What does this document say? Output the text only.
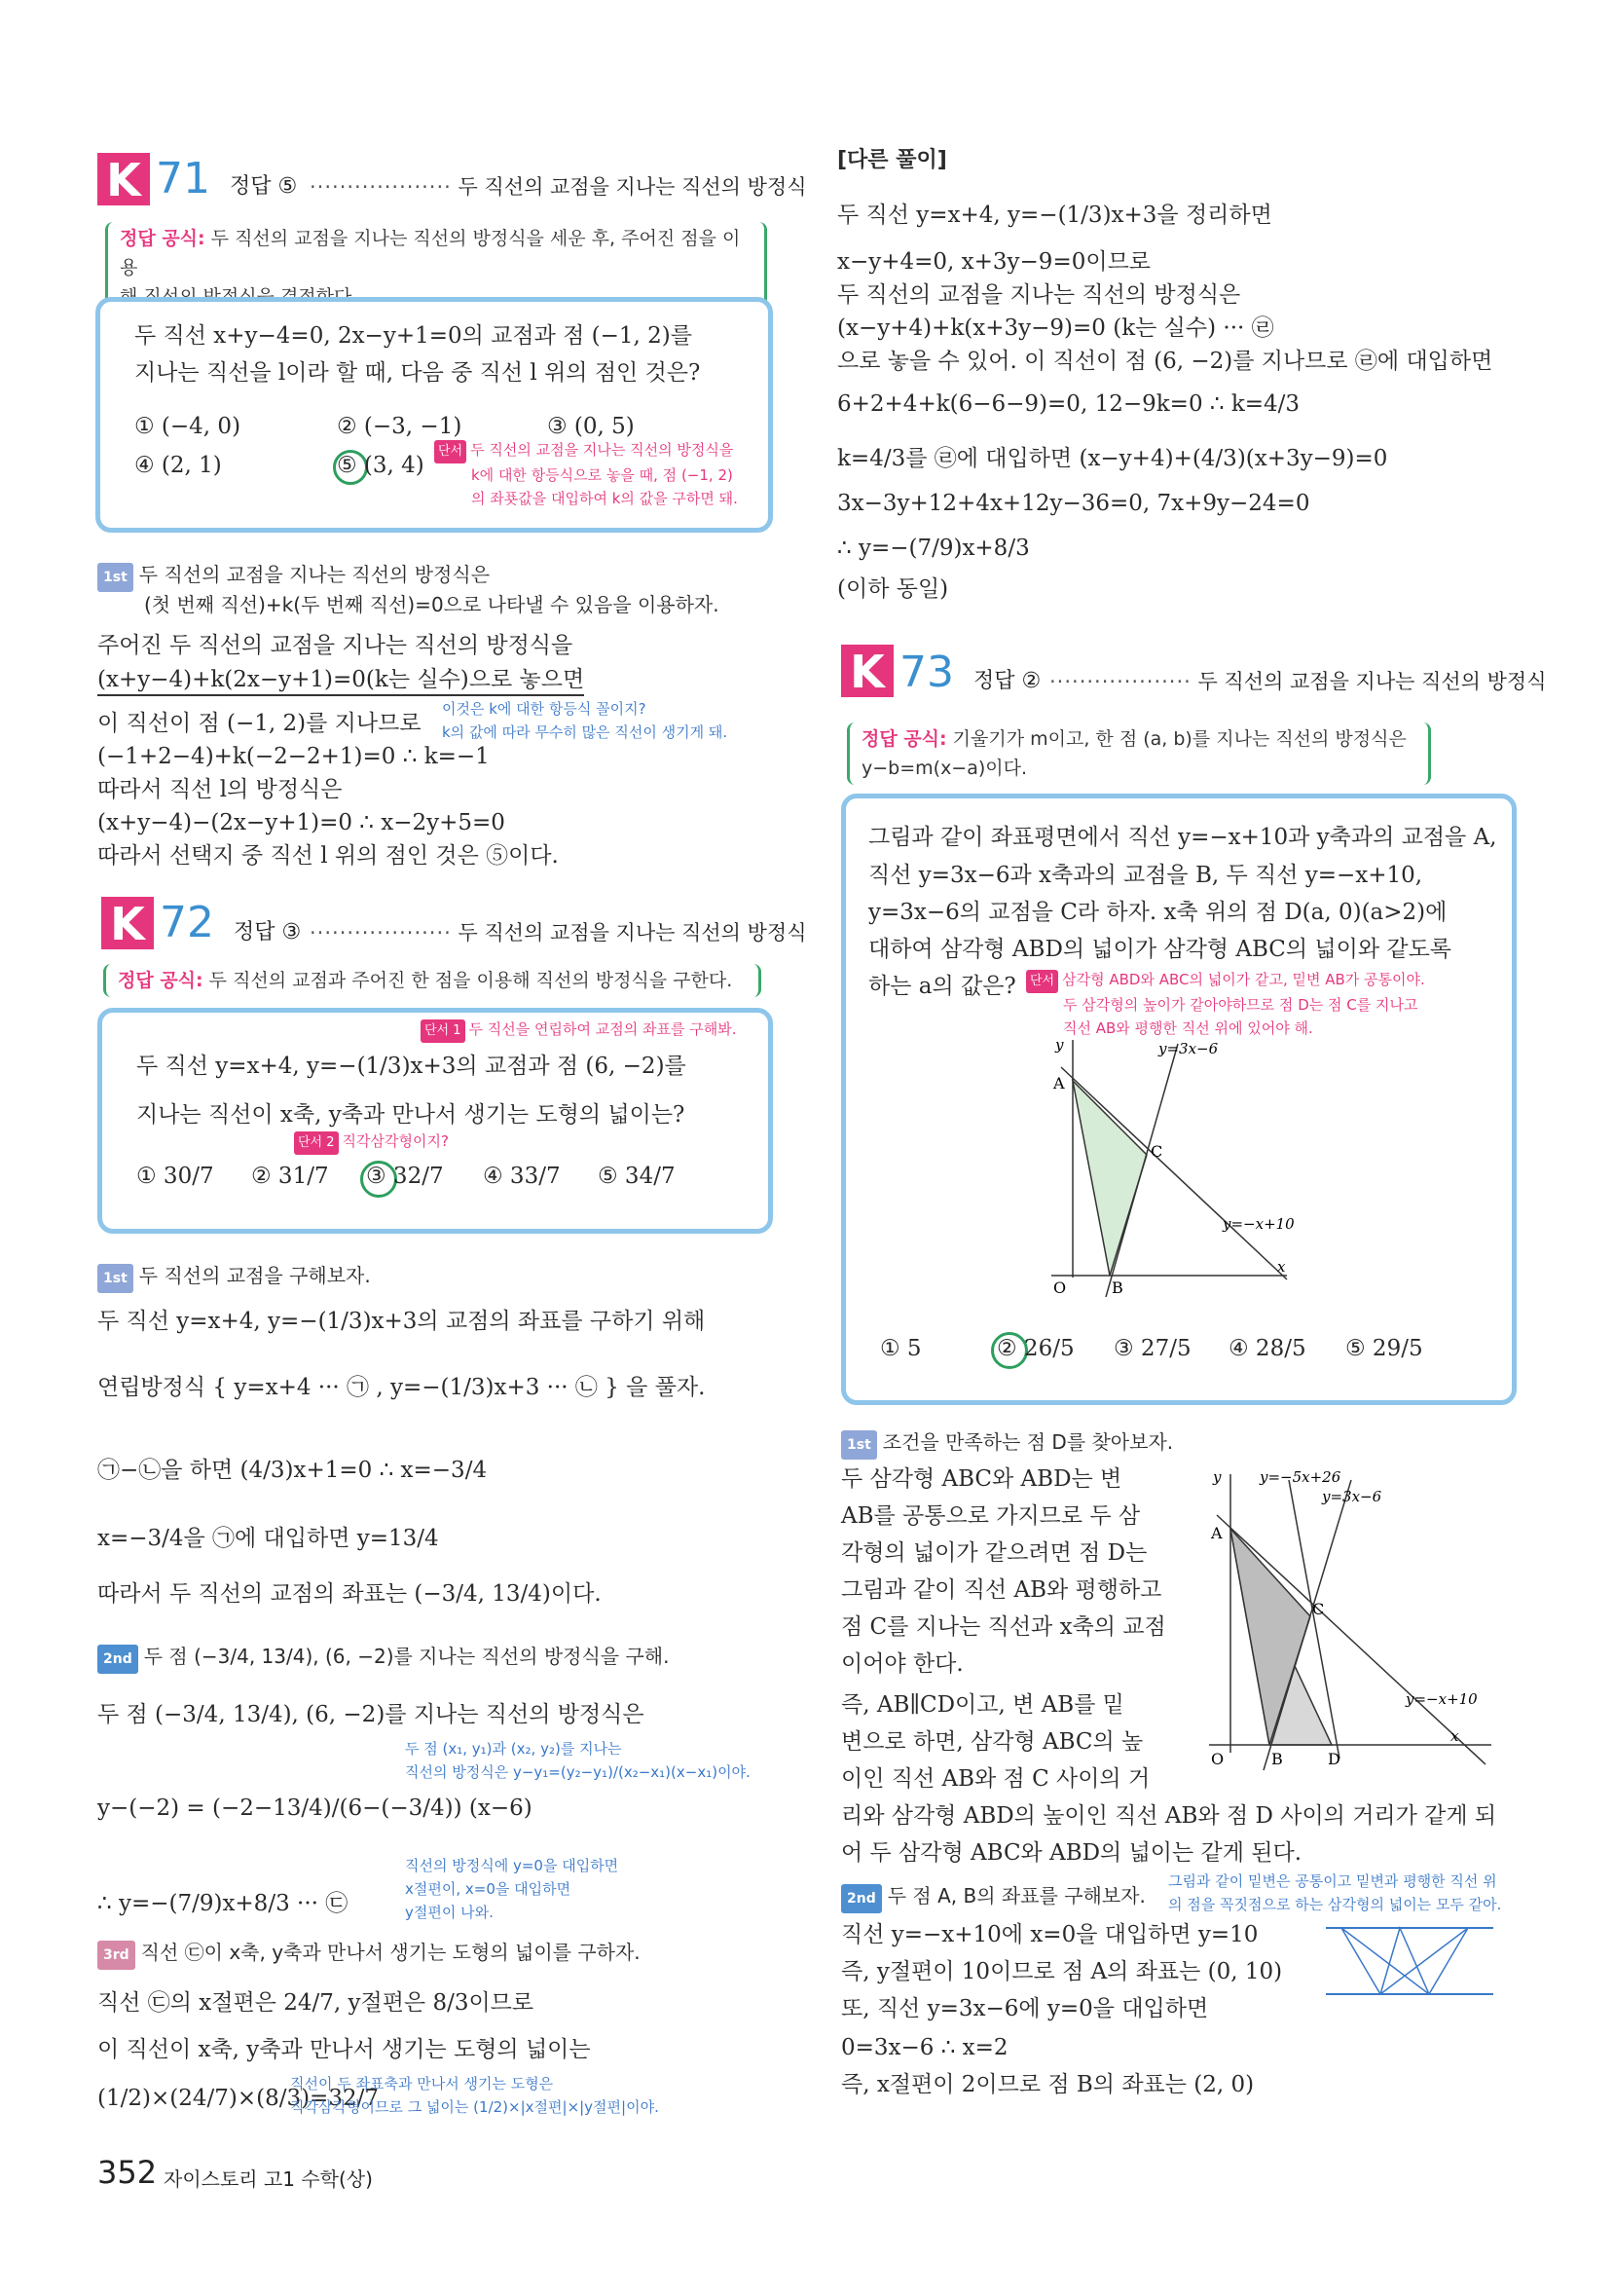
K 71 정답 ⑤ ··················· 두 직선의 교점을 지나는 직선의 방정식
정답 공식: 두 직선의 교점을 지나는 직선의 방정식을 세운 후, 주어진 점을 이용
두 직선 x+y−4=0, 2x−y+1=0의 교점과 점 (−1, 2)를
지나는 직선을 l이라 할 때, 다음 중 직선 l 위의 점인 것은?
① (−4, 0)	② (−3, −1)	③ (0, 5)
④ (2, 1)	⑤ (3, 4)
단서 두 직선의 교점을 지나는 직선의 방정식을
k에 대한 항등식으로 놓을 때, 점 (−1, 2)
의 좌푯값을 대입하여 k의 값을 구하면 돼.
1st 두 직선의 교점을 지나는 직선의 방정식은
(첫 번째 직선)+k(두 번째 직선)=0으로 나타낼 수 있음을 이용하자.
주어진 두 직선의 교점을 지나는 직선의 방정식을
(x+y−4)+k(2x−y+1)=0(k는 실수)으로 놓으면
이 직선이 점 (−1, 2)를 지나므로
이것은 k에 대한 항등식 꼴이지?
k의 값에 따라 무수히 많은 직선이 생기게 돼.
(−1+2−4)+k(−2−2+1)=0 ∴ k=−1
따라서 직선 l의 방정식은
(x+y−4)−(2x−y+1)=0 ∴ x−2y+5=0
따라서 선택지 중 직선 l 위의 점인 것은 ⑤이다.
K 72 정답 ③ ··················· 두 직선의 교점을 지나는 직선의 방정식
정답 공식: 두 직선의 교점과 주어진 한 점을 이용해 직선의 방정식을 구한다.
단서 1 두 직선을 연립하여 교점의 좌표를 구해봐.
두 직선 y=x+4, y=−(1/3)x+3의 교점과 점 (6, −2)를
지나는 직선이 x축, y축과 만나서 생기는 도형의 넓이는?
단서 2 직각삼각형이지?
① 30/7 ② 31/7 ③ 32/7 ④ 33/7 ⑤ 34/7
1st 두 직선의 교점을 구해보자.
두 직선 y=x+4, y=−(1/3)x+3의 교점의 좌표를 구하기 위해
연립방정식 { y=x+4 ··· ㉠ , y=−(1/3)x+3 ··· ㉡ } 을 풀자.
㉠−㉡을 하면 (4/3)x+1=0 ∴ x=−3/4
x=−3/4을 ㉠에 대입하면 y=13/4
따라서 두 직선의 교점의 좌표는 (−3/4, 13/4)이다.
2nd 두 점 (−3/4, 13/4), (6, −2)를 지나는 직선의 방정식을 구해.
두 점 (−3/4, 13/4), (6, −2)를 지나는 직선의 방정식은
두 점 (x₁, y₁)과 (x₂, y₂)를 지나는
직선의 방정식은 y−y₁=(y₂−y₁)/(x₂−x₁)(x−x₁)이야.
y−(−2) = (−2−13/4)/(6−(−3/4)) (x−6)
∴ y=−(7/9)x+8/3 ··· ㉢
직선의 방정식에 y=0을 대입하면
x절편이, x=0을 대입하면
y절편이 나와.
3rd 직선 ㉢이 x축, y축과 만나서 생기는 도형의 넓이를 구하자.
직선 ㉢의 x절편은 24/7, y절편은 8/3이므로
이 직선이 x축, y축과 만나서 생기는 도형의 넓이는
(1/2)×(24/7)×(8/3)=32/7
직선이 두 좌표축과 만나서 생기는 도형은
직각삼각형이므로 그 넓이는 (1/2)×|x절편|×|y절편|이야.
352 자이스토리 고1 수학(상)
[다른 풀이]
두 직선 y=x+4, y=−(1/3)x+3을 정리하면
x−y+4=0, x+3y−9=0이므로
두 직선의 교점을 지나는 직선의 방정식은
(x−y+4)+k(x+3y−9)=0 (k는 실수) ··· ㉣
으로 놓을 수 있어. 이 직선이 점 (6, −2)를 지나므로 ㉣에 대입하면
6+2+4+k(6−6−9)=0, 12−9k=0 ∴ k=4/3
k=4/3를 ㉣에 대입하면 (x−y+4)+(4/3)(x+3y−9)=0
3x−3y+12+4x+12y−36=0, 7x+9y−24=0
∴ y=−(7/9)x+8/3
(이하 동일)
K 73 정답 ② ··················· 두 직선의 교점을 지나는 직선의 방정식
정답 공식: 기울기가 m이고, 한 점 (a, b)를 지나는 직선의 방정식은
y−b=m(x−a)이다.
그림과 같이 좌표평면에서 직선 y=−x+10과 y축과의 교점을 A,
직선 y=3x−6과 x축과의 교점을 B, 두 직선 y=−x+10,
y=3x−6의 교점을 C라 하자. x축 위의 점 D(a, 0)(a>2)에
대하여 삼각형 ABD의 넓이가 삼각형 ABC의 넓이와 같도록
하는 a의 값은?	단서 삼각형 ABD와 ABC의 넓이가 같고, 밑변 AB가 공통이야.
두 삼각형의 높이가 같아야하므로 점 D는 점 C를 지나고
직선 AB와 평행한 직선 위에 있어야 해.
y=3x−6
y=−x+10
A
B
C
O
x
y
① 5	② 26/5 ③ 27/5 ④ 28/5 ⑤ 29/5
1st 조건을 만족하는 점 D를 찾아보자.
두 삼각형 ABC와 ABD는 변
AB를 공통으로 가지므로 두 삼
각형의 넓이가 같으려면 점 D는
그림과 같이 직선 AB와 평행하고
점 C를 지나는 직선과 x축의 교점
이어야 한다.
즉, AB∥CD이고, 변 AB를 밑
변으로 하면, 삼각형 ABC의 높
이인 직선 AB와 점 C 사이의 거
리와 삼각형 ABD의 높이인 직선 AB와 점 D 사이의 거리가 같게 되
어 두 삼각형 ABC와 ABD의 넓이는 같게 된다.
y=−5x+26
y=3x−6
y=−x+10
A
B
C
D
O
x
y
2nd 두 점 A, B의 좌표를 구해보자.
그림과 같이 밑변은 공통이고 밑변과 평행한 직선 위
의 점을 꼭짓점으로 하는 삼각형의 넓이는 모두 같아.
직선 y=−x+10에 x=0을 대입하면 y=10
즉, y절편이 10이므로 점 A의 좌표는 (0, 10)
또, 직선 y=3x−6에 y=0을 대입하면
0=3x−6 ∴ x=2
즉, x절편이 2이므로 점 B의 좌표는 (2, 0)
